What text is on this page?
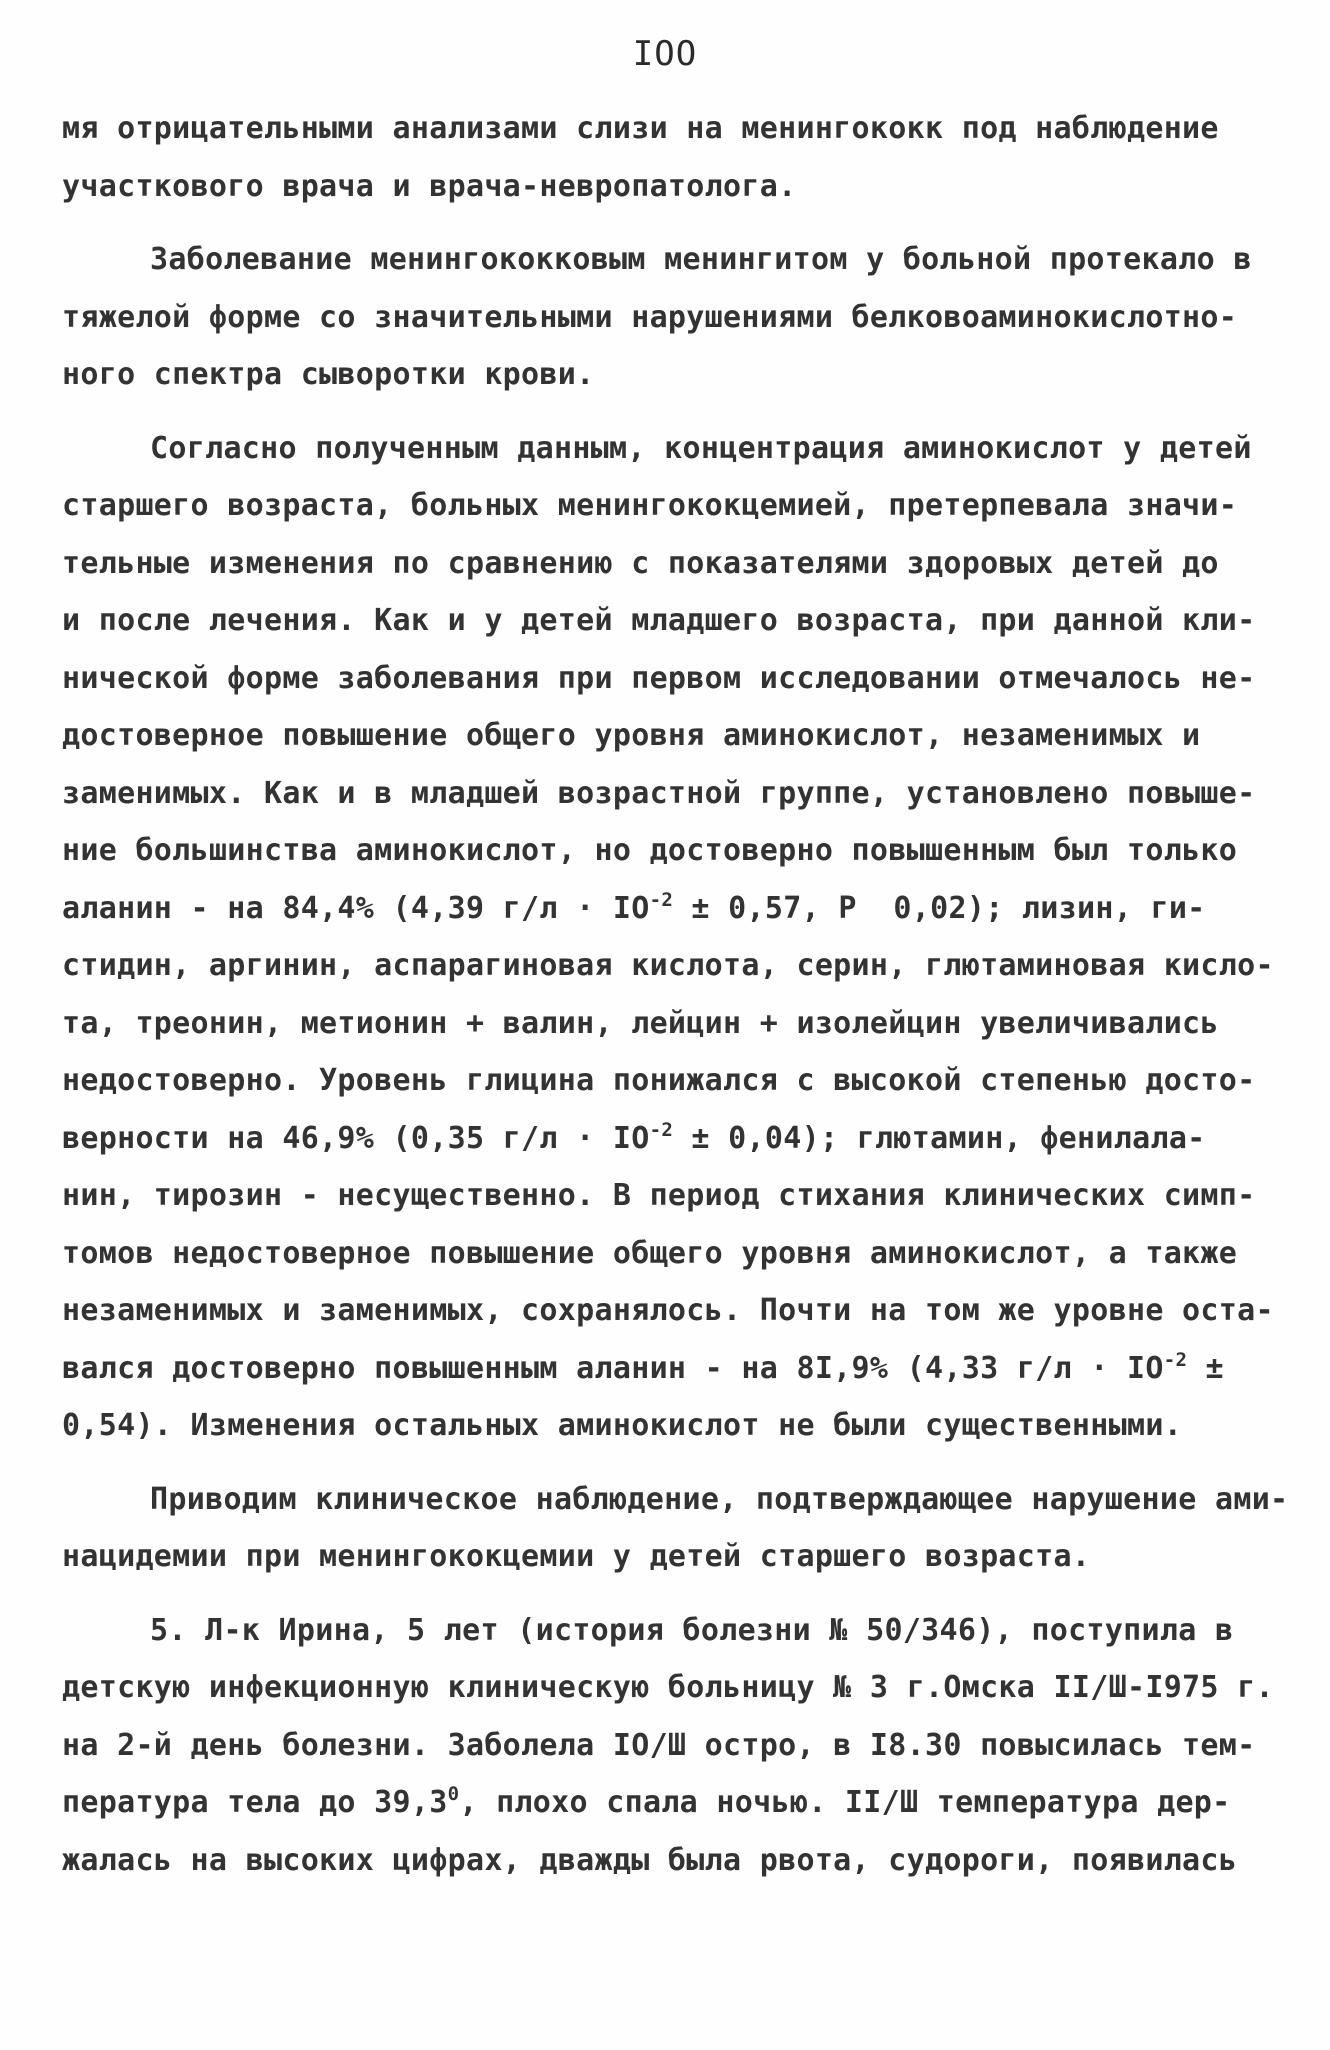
IOO
мя отрицательными анализами слизи на менингококк под наблюдение
участкового врача и врача-невропатолога.
Заболевание менингококковым менингитом у больной протекало в
тяжелой форме со значительными нарушениями белковоаминокислотно-
ного спектра сыворотки крови.
Согласно полученным данным, концентрация аминокислот у детей
старшего возраста, больных менингококцемией, претерпевала значи-
тельные изменения по сравнению с показателями здоровых детей до
и после лечения. Как и у детей младшего возраста, при данной кли-
нической форме заболевания при первом исследовании отмечалось не-
достоверное повышение общего уровня аминокислот, незаменимых и
заменимых. Как и в младшей возрастной группе, установлено повыше-
ние большинства аминокислот, но достоверно повышенным был только
аланин - на 84,4% (4,39 $г/л \cdot IO^{-2} \pm 0,57$, Р  0,02); лизин, ги-
стидин, аргинин, аспарагиновая кислота, серин, глютаминовая кисло-
та, треонин, метионин + валин, лейцин + изолейцин увеличивались
недостоверно. Уровень глицина понижался с высокой степенью досто-
верности на 46,9% (0,35 $г/л \cdot IO^{-2} \pm 0,04$); глютамин, фенилала-
нин, тирозин - несущественно. В период стихания клинических симп-
томов недостоверное повышение общего уровня аминокислот, а также
незаменимых и заменимых, сохранялось. Почти на том же уровне оста-
вался достоверно повышенным аланин - на 8I,9% (4,33 $г/л \cdot IO^{-2}$ ±
0,54). Изменения остальных аминокислот не были существенными.
Приводим клиническое наблюдение, подтверждающее нарушение ами-
нацидемии при менингококцемии у детей старшего возраста.
5. Л-к Ирина, 5 лет (история болезни № 50/346), поступила в
детскую инфекционную клиническую больницу № 3 г.Омска II/Ш-I975 г.
на 2-й день болезни. Заболела IO/Ш остро, в I8.30 повысилась тем-
пература тела до 39,3$^0$, плохо спала ночью. II/Ш температура дер-
жалась на высоких цифрах, дважды была рвота, судороги, появилась
